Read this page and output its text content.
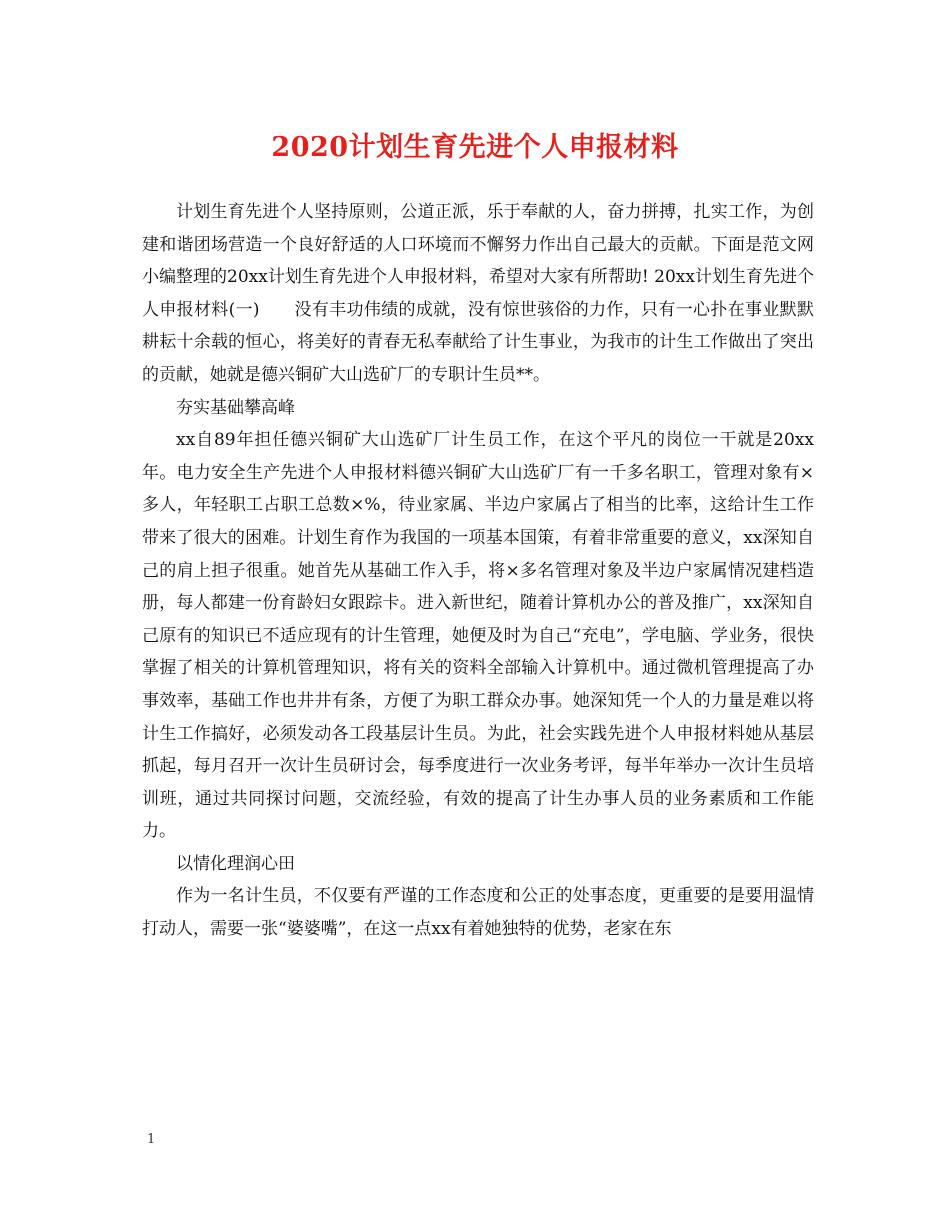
2020计划生育先进个人申报材料

计划生育先进个人坚持原则，公道正派，乐于奉献的人，奋力拼搏，扎实工作，为创建和谐团场营造一个良好舒适的人口环境而不懈努力作出自己最大的贡献。下面是范文网小编整理的20xx计划生育先进个人申报材料，希望对大家有所帮助! 20xx计划生育先进个人申报材料(一)　　没有丰功伟绩的成就，没有惊世骇俗的力作，只有一心扑在事业默默耕耘十余载的恒心，将美好的青春无私奉献给了计生事业，为我市的计生工作做出了突出的贡献，她就是德兴铜矿大山选矿厂的专职计生员**。

夯实基础攀高峰

xx自89年担任德兴铜矿大山选矿厂计生员工作，在这个平凡的岗位一干就是20xx年。电力安全生产先进个人申报材料德兴铜矿大山选矿厂有一千多名职工，管理对象有×多人，年轻职工占职工总数×%，待业家属、半边户家属占了相当的比率，这给计生工作带来了很大的困难。计划生育作为我国的一项基本国策，有着非常重要的意义，xx深知自己的肩上担子很重。她首先从基础工作入手，将×多名管理对象及半边户家属情况建档造册，每人都建一份育龄妇女跟踪卡。进入新世纪，随着计算机办公的普及推广，xx深知自己原有的知识已不适应现有的计生管理，她便及时为自己“充电”，学电脑、学业务，很快掌握了相关的计算机管理知识，将有关的资料全部输入计算机中。通过微机管理提高了办事效率，基础工作也井井有条，方便了为职工群众办事。她深知凭一个人的力量是难以将计生工作搞好，必须发动各工段基层计生员。为此，社会实践先进个人申报材料她从基层抓起，每月召开一次计生员研讨会，每季度进行一次业务考评，每半年举办一次计生员培训班，通过共同探讨问题，交流经验，有效的提高了计生办事人员的业务素质和工作能力。

以情化理润心田

作为一名计生员，不仅要有严谨的工作态度和公正的处事态度，更重要的是要用温情打动人，需要一张“婆婆嘴”，在这一点xx有着她独特的优势，老家在东

1
